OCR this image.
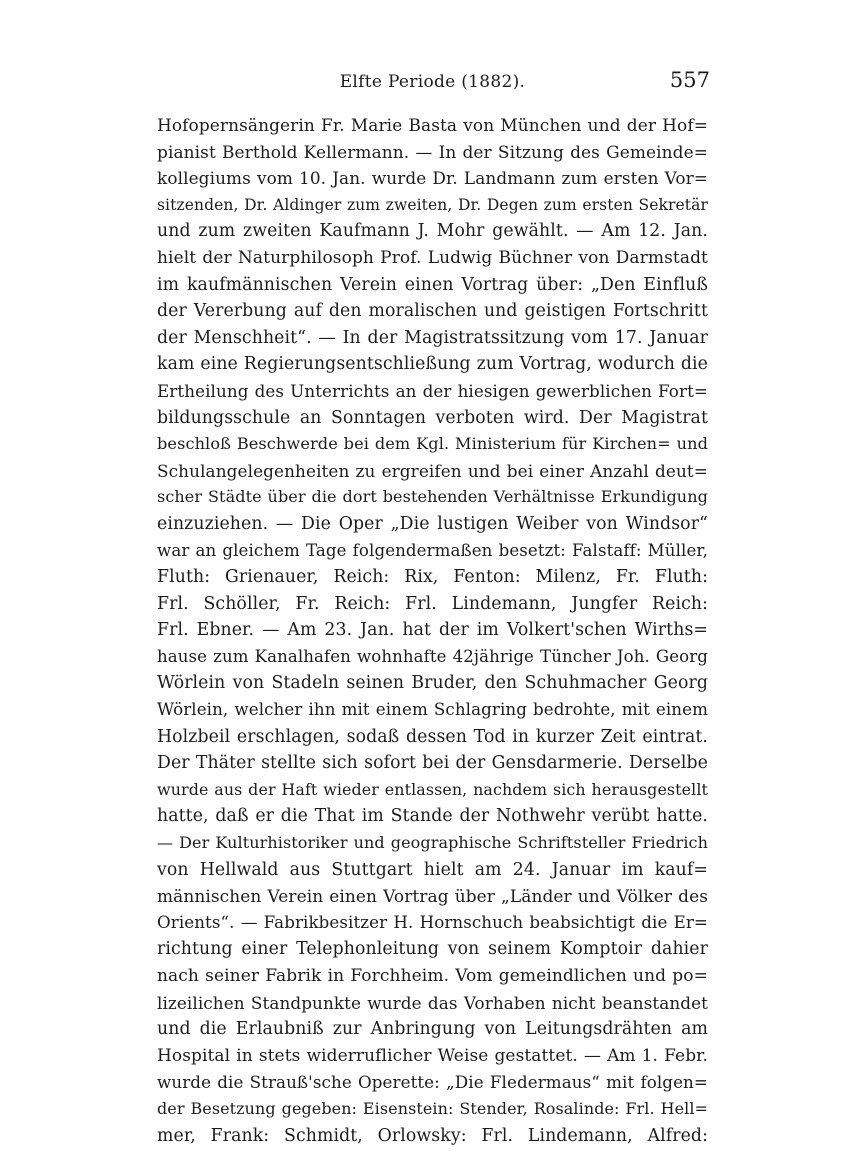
Elfte Periode (1882).	557
Hofopernsängerin Fr. Marie Basta von München und der Hof=
pianist Berthold Kellermann. — In der Sitzung des Gemeinde=
kollegiums vom 10. Jan. wurde Dr. Landmann zum ersten Vor=
sitzenden, Dr. Aldinger zum zweiten, Dr. Degen zum ersten Sekretär
und zum zweiten Kaufmann J. Mohr gewählt. — Am 12. Jan.
hielt der Naturphilosoph Prof. Ludwig Büchner von Darmstadt
im kaufmännischen Verein einen Vortrag über: „Den Einfluß
der Vererbung auf den moralischen und geistigen Fortschritt
der Menschheit“. — In der Magistratssitzung vom 17. Januar
kam eine Regierungsentschließung zum Vortrag, wodurch die
Ertheilung des Unterrichts an der hiesigen gewerblichen Fort=
bildungsschule an Sonntagen verboten wird. Der Magistrat
beschloß Beschwerde bei dem Kgl. Ministerium für Kirchen= und
Schulangelegenheiten zu ergreifen und bei einer Anzahl deut=
scher Städte über die dort bestehenden Verhältnisse Erkundigung
einzuziehen. — Die Oper „Die lustigen Weiber von Windsor“
war an gleichem Tage folgendermaßen besetzt: Falstaff: Müller,
Fluth: Grienauer, Reich: Rix, Fenton: Milenz, Fr. Fluth:
Frl. Schöller, Fr. Reich: Frl. Lindemann, Jungfer Reich:
Frl. Ebner. — Am 23. Jan. hat der im Volkert'schen Wirths=
hause zum Kanalhafen wohnhafte 42jährige Tüncher Joh. Georg
Wörlein von Stadeln seinen Bruder, den Schuhmacher Georg
Wörlein, welcher ihn mit einem Schlagring bedrohte, mit einem
Holzbeil erschlagen, sodaß dessen Tod in kurzer Zeit eintrat.
Der Thäter stellte sich sofort bei der Gensdarmerie. Derselbe
wurde aus der Haft wieder entlassen, nachdem sich herausgestellt
hatte, daß er die That im Stande der Nothwehr verübt hatte.
— Der Kulturhistoriker und geographische Schriftsteller Friedrich
von Hellwald aus Stuttgart hielt am 24. Januar im kauf=
männischen Verein einen Vortrag über „Länder und Völker des
Orients“. — Fabrikbesitzer H. Hornschuch beabsichtigt die Er=
richtung einer Telephonleitung von seinem Komptoir dahier
nach seiner Fabrik in Forchheim. Vom gemeindlichen und po=
lizeilichen Standpunkte wurde das Vorhaben nicht beanstandet
und die Erlaubniß zur Anbringung von Leitungsdrähten am
Hospital in stets widerruflicher Weise gestattet. — Am 1. Febr.
wurde die Strauß'sche Operette: „Die Fledermaus“ mit folgen=
der Besetzung gegeben: Eisenstein: Stender, Rosalinde: Frl. Hell=
mer, Frank: Schmidt, Orlowsky: Frl. Lindemann, Alfred:
